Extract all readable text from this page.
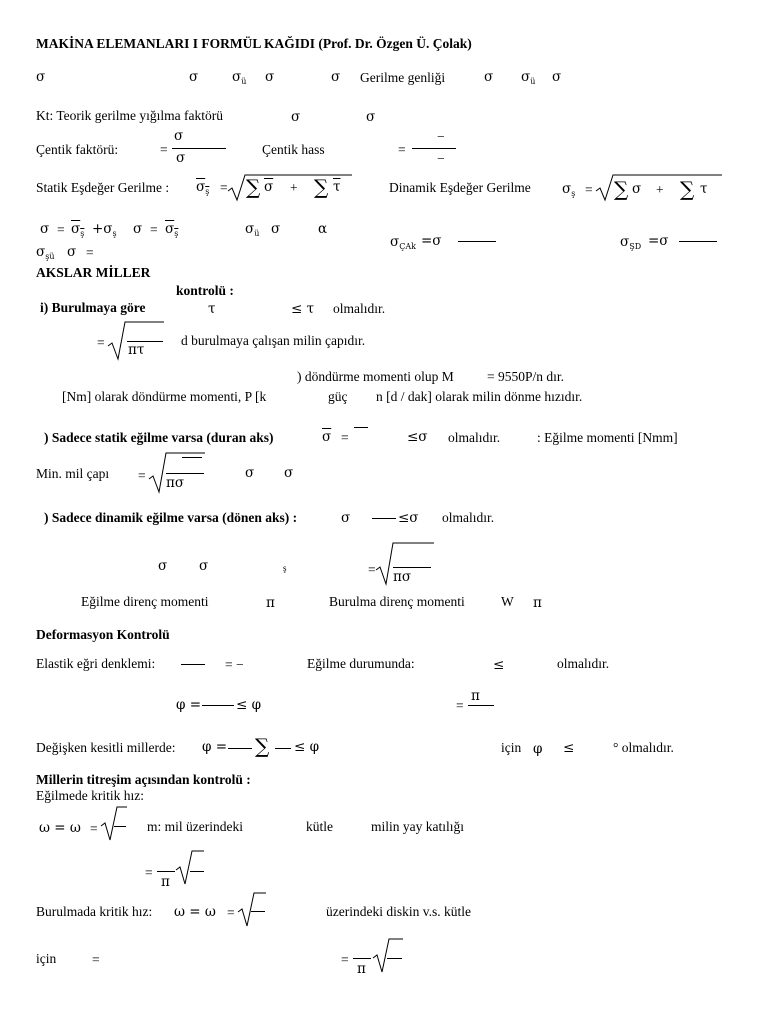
MAKİNA ELEMANLARI I FORMÜL KAĞIDI (Prof. Dr. Özgen Ü. Çolak)
σ	σ	$\sigma_ü$ σ	σ Gerilme genliği	σ $\sigma_ü$ σ
Kt: Teorik gerilme yığılma faktörü	σ	σ
Çentik faktörü:	=
σ
σ
Çentik hass	=
−
−
Statik Eşdeğer Gerilme : $\sigma_ş$ = ∑ $\overline{\sigma}$ + ∑ $\overline{\tau}$	Dinamik Eşdeğer Gerilme $\sigma_ş$ = ∑ σ + ∑ τ
$\sigma = \sigma_ş +\sigma_ş$ $\sigma = \sigma_ş$	$\sigma_ü$ σ	α
$\sigma_{ÇAk} =\sigma$	$\sigma_{ŞD} =\sigma$
$\sigma_{şü}$ σ =
AKSLAR MİLLER
kontrolü :
i) Burulmaya göre	τ	≤ τ olmalıdır.
= πτ
d burulmaya çalışan milin çapıdır.
) döndürme momenti olup M = 9550P/n dır.
[Nm] olarak döndürme momenti, P [k	güç n [d / dak] olarak milin dönme hızıdır.
) Sadece statik eğilme varsa (duran aks)	$\overline{\sigma}$ =	≤σ olmalıdır.	: Eğilme momenti [Nmm]
Min. mil çapı = πσ
σ σ
) Sadece dinamik eğilme varsa (dönen aks) :	σ	≤σ olmalıdır.
σ σ	ş	= πσ
Eğilme direnç momenti	π	Burulma direnç momenti	W π
Deformasyon Kontrolü
Elastik eğri denklemi:	= −	Eğilme durumunda:	≤	olmalıdır.
φ =	≤ φ
π
=
Değişken kesitli millerde: φ = ∑ ≤ φ	için φ ≤	° olmalıdır.
Millerin titreşim açısından kontrolü :
Eğilmede kritik hız:
ω = ω =	m: mil üzerindeki	kütle	milin yay katılığı
=
π
Burulmada kritik hız: ω = ω =	üzerindeki diskin v.s. kütle
için	=	=
π
